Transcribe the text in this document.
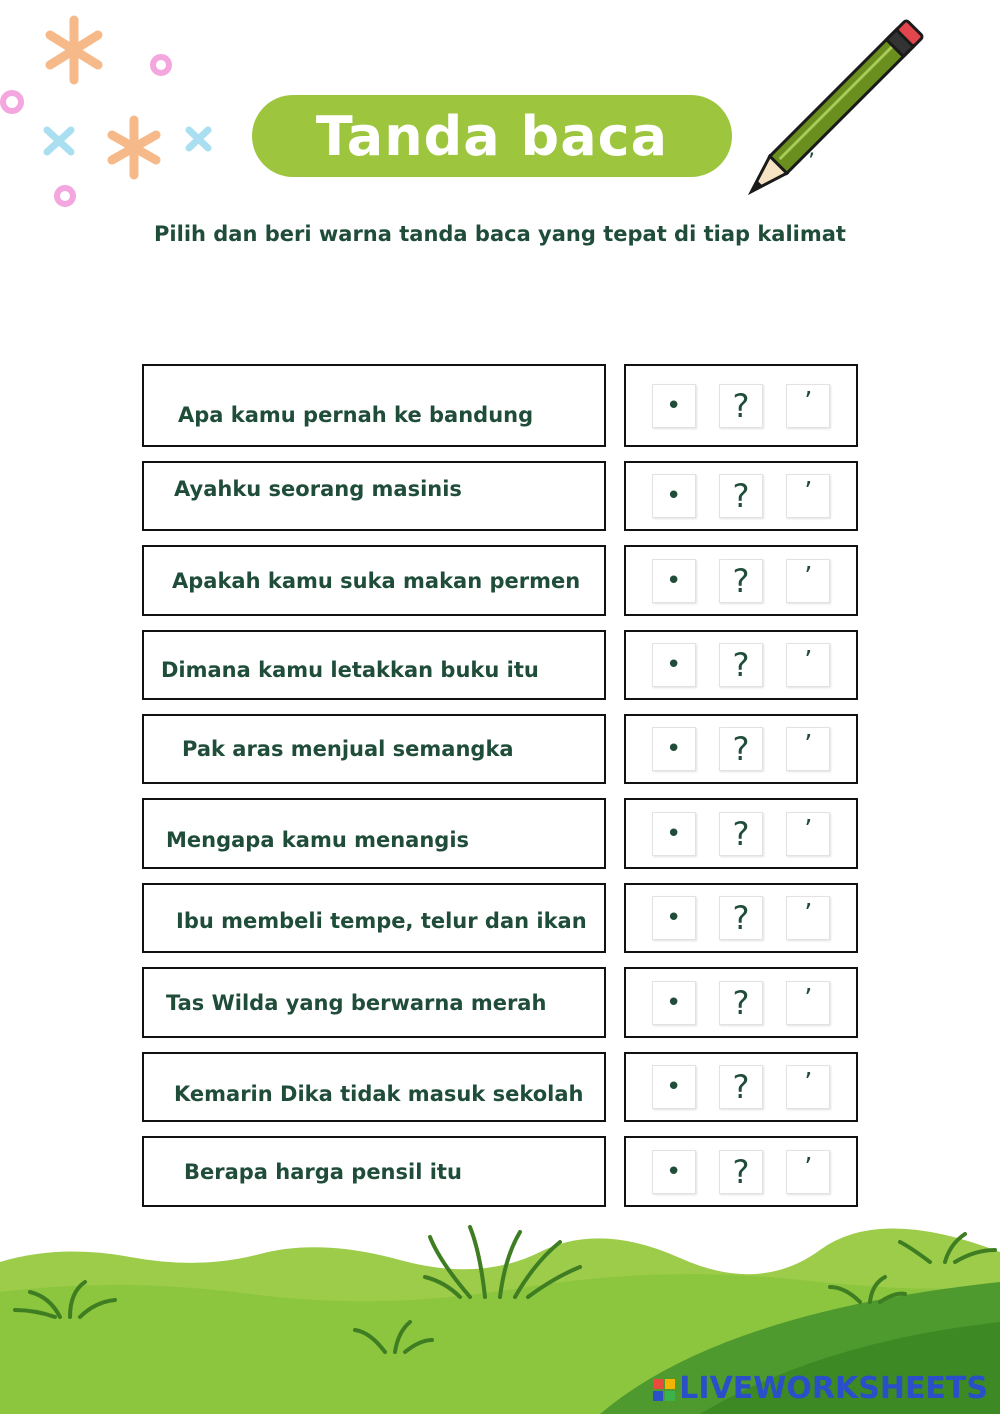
Tanda baca	’
Pilih dan beri warna tanda baca yang tepat di tiap kalimat
Apa kamu pernah ke bandung	•	?	’
Ayahku seorang masinis	•	?	’
Apakah kamu suka makan permen	•	?	’
Dimana kamu letakkan buku itu	•	?	’
Pak aras menjual semangka	•	?	’
Mengapa kamu menangis	•	?	’
Ibu membeli tempe, telur dan ikan	•	?	’
Tas Wilda yang berwarna merah	•	?	’
Kemarin Dika tidak masuk sekolah	•	?	’
Berapa harga pensil itu	•	?	’
LIVEWORKSHEETS
